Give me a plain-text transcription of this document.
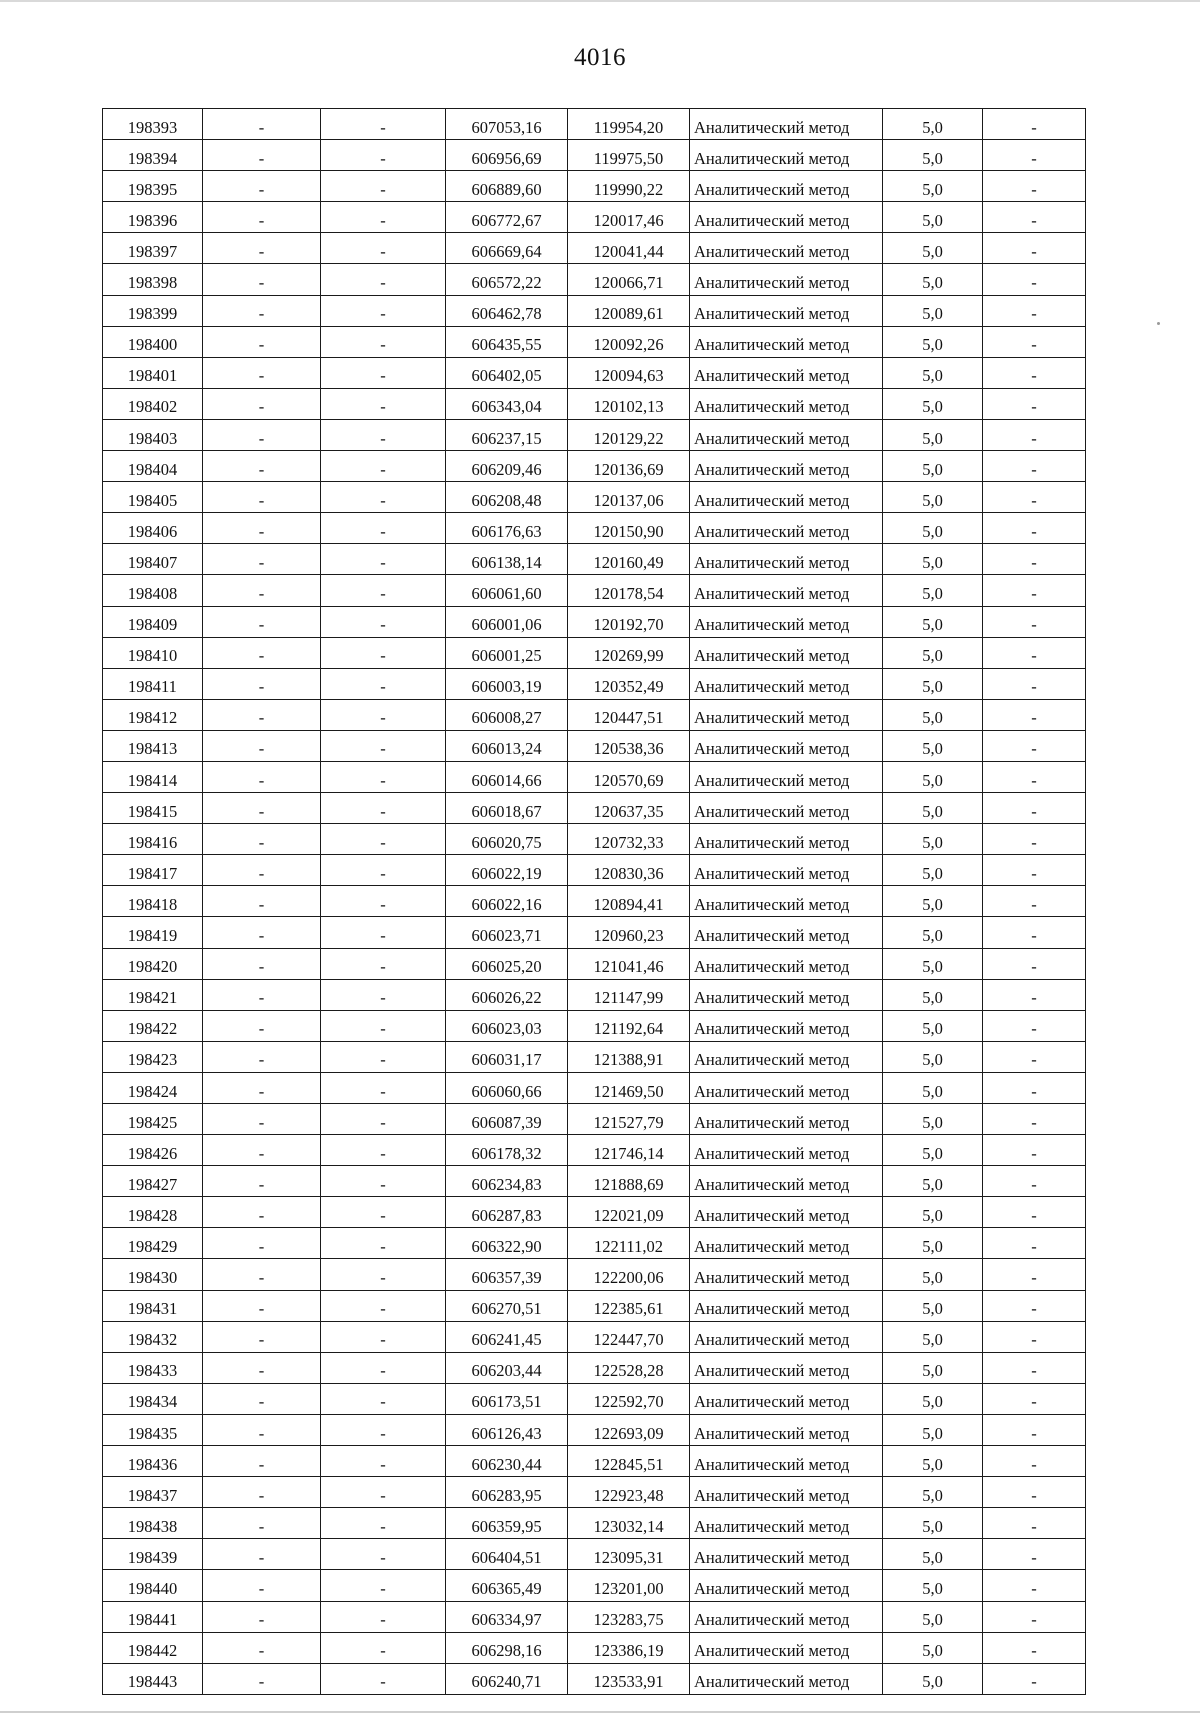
4016
198393	-	-	607053,16	119954,20	Аналитический метод	5,0	-
198394	-	-	606956,69	119975,50	Аналитический метод	5,0	-
198395	-	-	606889,60	119990,22	Аналитический метод	5,0	-
198396	-	-	606772,67	120017,46	Аналитический метод	5,0	-
198397	-	-	606669,64	120041,44	Аналитический метод	5,0	-
198398	-	-	606572,22	120066,71	Аналитический метод	5,0	-
198399	-	-	606462,78	120089,61	Аналитический метод	5,0	-
198400	-	-	606435,55	120092,26	Аналитический метод	5,0	-
198401	-	-	606402,05	120094,63	Аналитический метод	5,0	-
198402	-	-	606343,04	120102,13	Аналитический метод	5,0	-
198403	-	-	606237,15	120129,22	Аналитический метод	5,0	-
198404	-	-	606209,46	120136,69	Аналитический метод	5,0	-
198405	-	-	606208,48	120137,06	Аналитический метод	5,0	-
198406	-	-	606176,63	120150,90	Аналитический метод	5,0	-
198407	-	-	606138,14	120160,49	Аналитический метод	5,0	-
198408	-	-	606061,60	120178,54	Аналитический метод	5,0	-
198409	-	-	606001,06	120192,70	Аналитический метод	5,0	-
198410	-	-	606001,25	120269,99	Аналитический метод	5,0	-
198411	-	-	606003,19	120352,49	Аналитический метод	5,0	-
198412	-	-	606008,27	120447,51	Аналитический метод	5,0	-
198413	-	-	606013,24	120538,36	Аналитический метод	5,0	-
198414	-	-	606014,66	120570,69	Аналитический метод	5,0	-
198415	-	-	606018,67	120637,35	Аналитический метод	5,0	-
198416	-	-	606020,75	120732,33	Аналитический метод	5,0	-
198417	-	-	606022,19	120830,36	Аналитический метод	5,0	-
198418	-	-	606022,16	120894,41	Аналитический метод	5,0	-
198419	-	-	606023,71	120960,23	Аналитический метод	5,0	-
198420	-	-	606025,20	121041,46	Аналитический метод	5,0	-
198421	-	-	606026,22	121147,99	Аналитический метод	5,0	-
198422	-	-	606023,03	121192,64	Аналитический метод	5,0	-
198423	-	-	606031,17	121388,91	Аналитический метод	5,0	-
198424	-	-	606060,66	121469,50	Аналитический метод	5,0	-
198425	-	-	606087,39	121527,79	Аналитический метод	5,0	-
198426	-	-	606178,32	121746,14	Аналитический метод	5,0	-
198427	-	-	606234,83	121888,69	Аналитический метод	5,0	-
198428	-	-	606287,83	122021,09	Аналитический метод	5,0	-
198429	-	-	606322,90	122111,02	Аналитический метод	5,0	-
198430	-	-	606357,39	122200,06	Аналитический метод	5,0	-
198431	-	-	606270,51	122385,61	Аналитический метод	5,0	-
198432	-	-	606241,45	122447,70	Аналитический метод	5,0	-
198433	-	-	606203,44	122528,28	Аналитический метод	5,0	-
198434	-	-	606173,51	122592,70	Аналитический метод	5,0	-
198435	-	-	606126,43	122693,09	Аналитический метод	5,0	-
198436	-	-	606230,44	122845,51	Аналитический метод	5,0	-
198437	-	-	606283,95	122923,48	Аналитический метод	5,0	-
198438	-	-	606359,95	123032,14	Аналитический метод	5,0	-
198439	-	-	606404,51	123095,31	Аналитический метод	5,0	-
198440	-	-	606365,49	123201,00	Аналитический метод	5,0	-
198441	-	-	606334,97	123283,75	Аналитический метод	5,0	-
198442	-	-	606298,16	123386,19	Аналитический метод	5,0	-
198443	-	-	606240,71	123533,91	Аналитический метод	5,0	-
